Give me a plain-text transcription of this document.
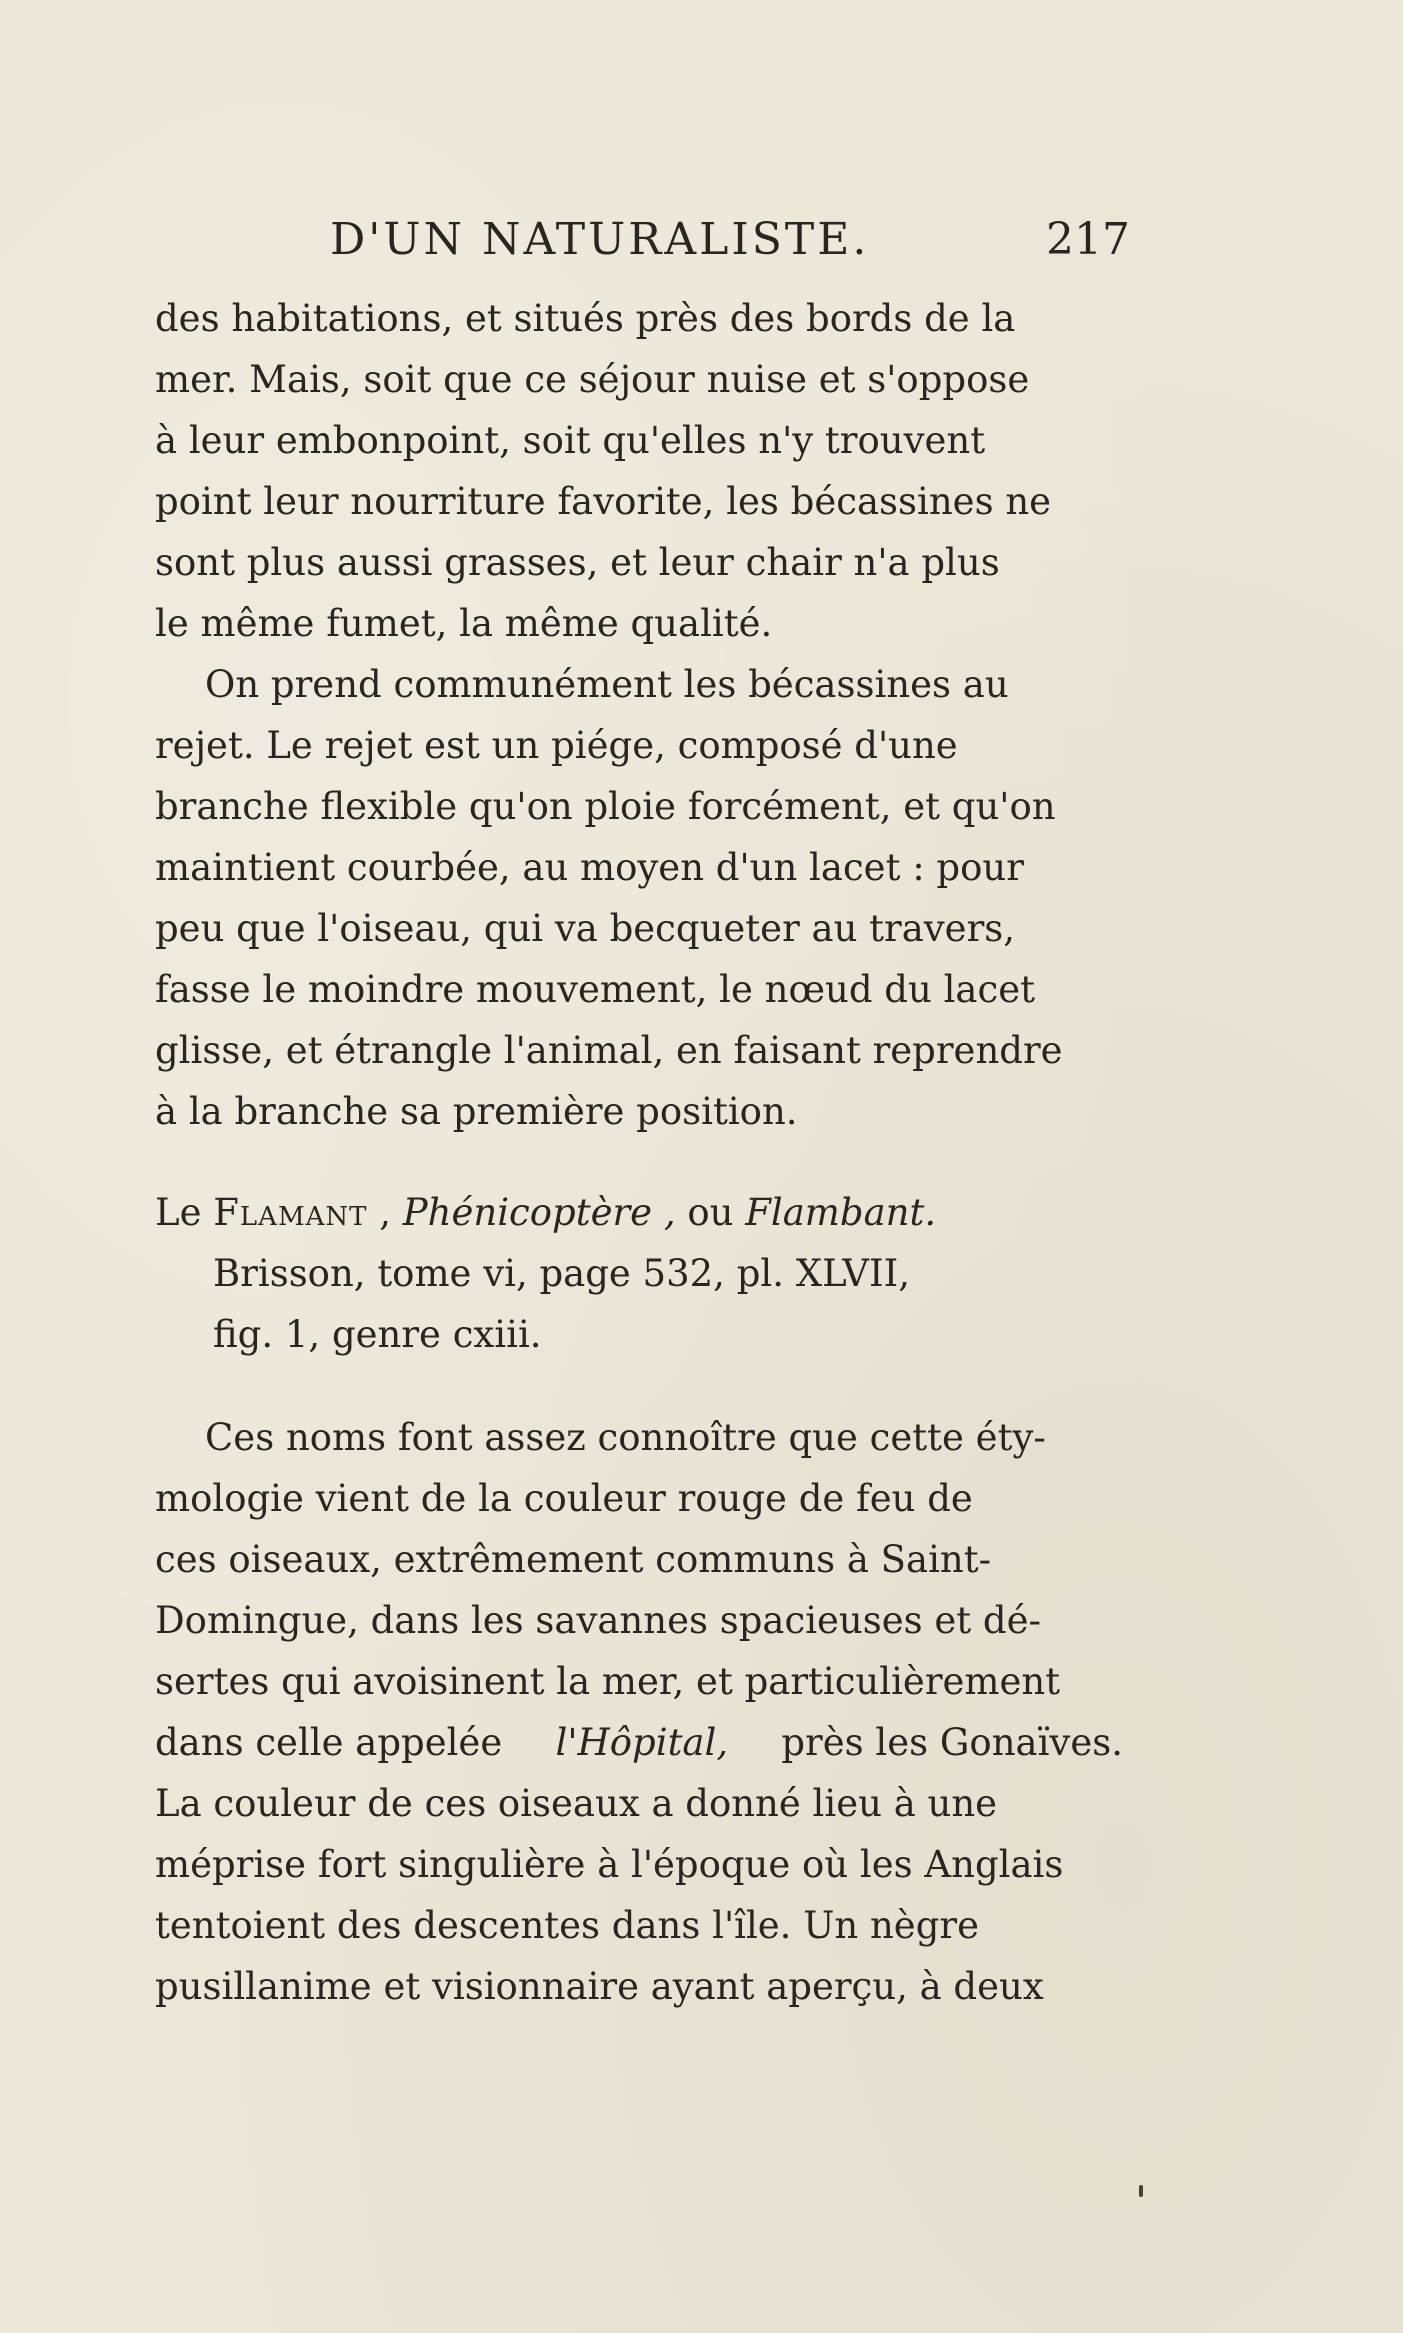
D'UN NATURALISTE.	217
des habitations, et situés près des bords de la
mer. Mais, soit que ce séjour nuise et s'oppose
à leur embonpoint, soit qu'elles n'y trouvent
point leur nourriture favorite, les bécassines ne
sont plus aussi grasses, et leur chair n'a plus
le même fumet, la même qualité.
On prend communément les bécassines au
rejet. Le rejet est un piége, composé d'une
branche flexible qu'on ploie forcément, et qu'on
maintient courbée, au moyen d'un lacet : pour
peu que l'oiseau, qui va becqueter au travers,
fasse le moindre mouvement, le nœud du lacet
glisse, et étrangle l'animal, en faisant reprendre
à la branche sa première position.
Le Flamant , Phénicoptère , ou Flambant.
Brisson, tome vi, page 532, pl. XLVII,
fig. 1, genre cxiii.
Ces noms font assez connoître que cette éty-
mologie vient de la couleur rouge de feu de
ces oiseaux, extrêmement communs à Saint-
Domingue, dans les savannes spacieuses et dé-
sertes qui avoisinent la mer, et particulièrement
dans celle appelée l'Hôpital, près les Gonaïves.
La couleur de ces oiseaux a donné lieu à une
méprise fort singulière à l'époque où les Anglais
tentoient des descentes dans l'île. Un nègre
pusillanime et visionnaire ayant aperçu, à deux
